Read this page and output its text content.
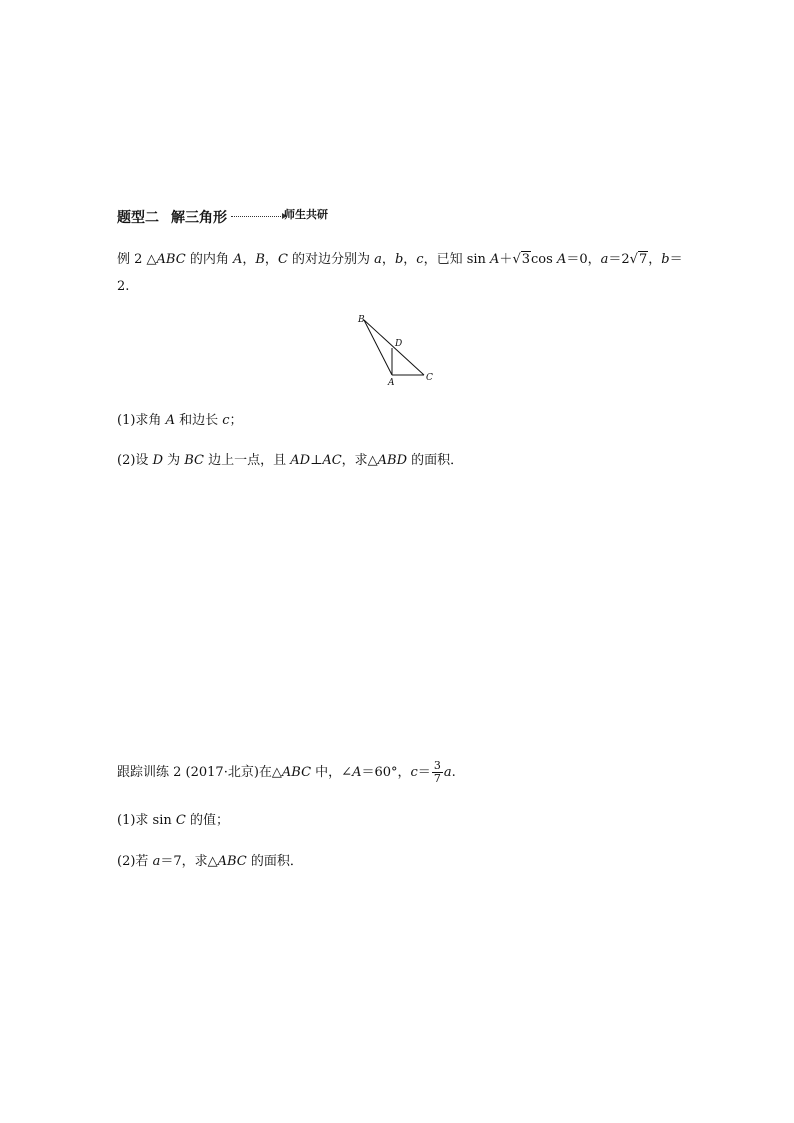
题型二 解三角形	师生共研
例 2 △ABC 的内角 A，B，C 的对边分别为 a，b，c，已知 sin A＋√3cos A＝0，a＝2√7，b＝
2.
B
D
A	C
(1)求角 A 和边长 c；
(2)设 D 为 BC 边上一点，且 AD⊥AC，求△ABD 的面积．
跟踪训练 2 (2017·北京)在△ABC 中，∠A＝60°，$c= \frac{3}{7} a$.
(1)求 sin C 的值；
(2)若 a＝7，求△ABC 的面积．
